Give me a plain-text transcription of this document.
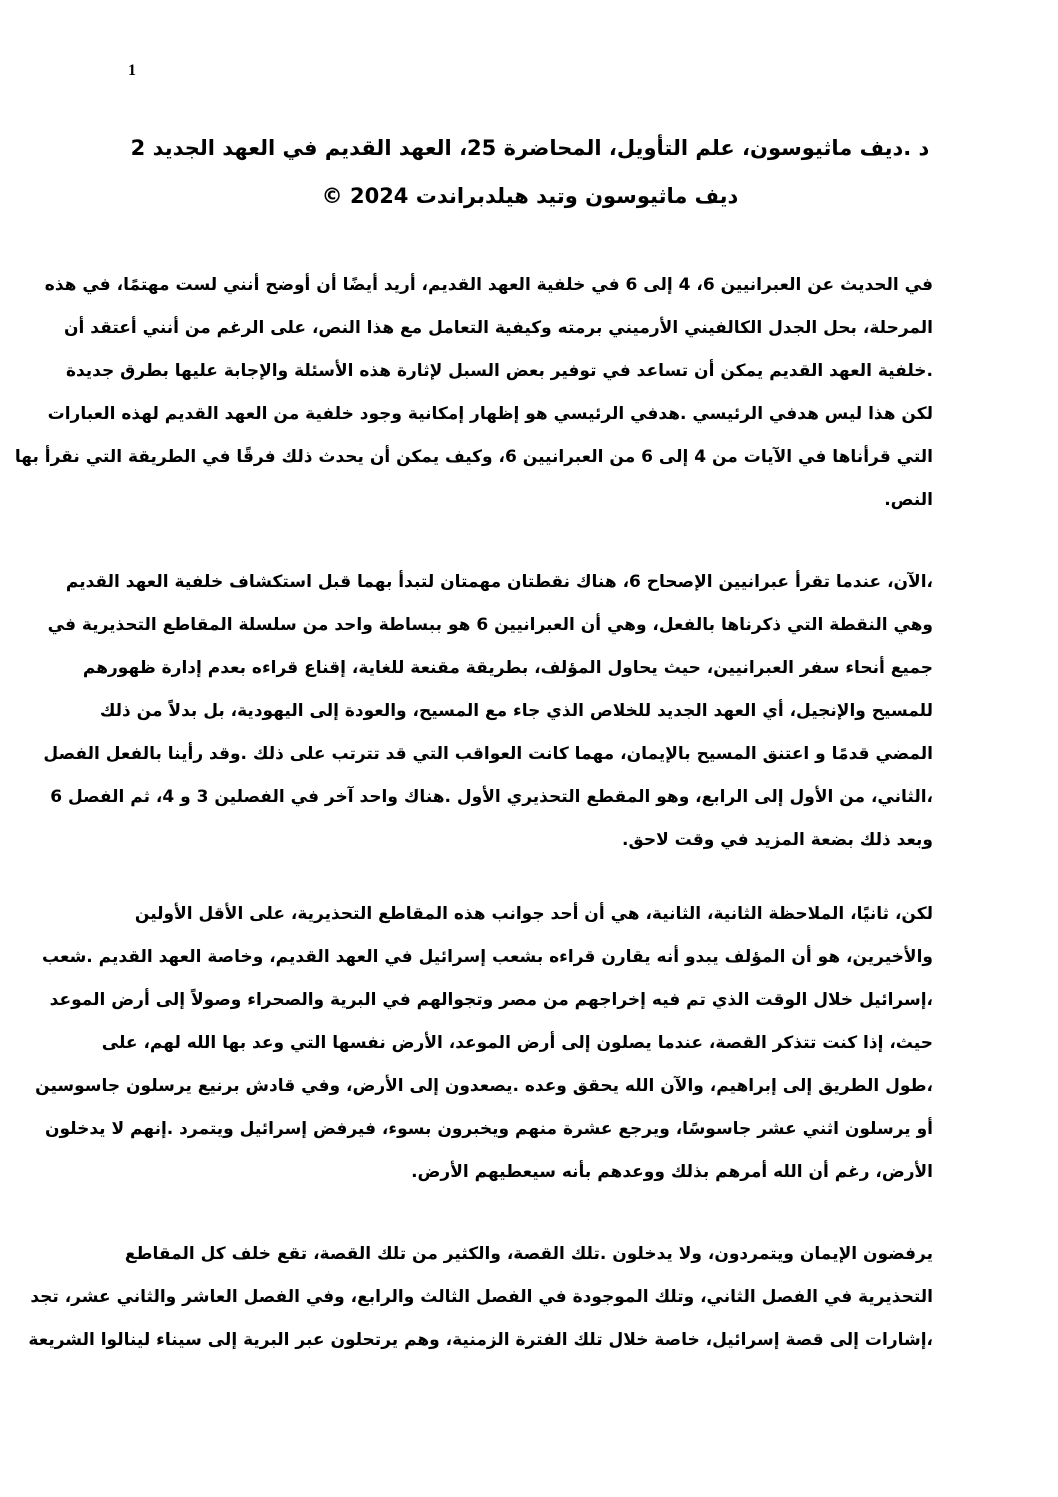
1
د .ديف ماثيوسون، علم التأويل، المحاضرة 25، العهد القديم في العهد الجديد 2
ديف ماثيوسون وتيد هيلدبراندت 2024 ©
في الحديث عن العبرانيين 6، 4 إلى 6 في خلفية العهد القديم، أريد أيضًا أن أوضح أنني لست مهتمًا، في هذه
المرحلة، بحل الجدل الكالفيني الأرميني برمته وكيفية التعامل مع هذا النص، على الرغم من أنني أعتقد أن
.خلفية العهد القديم يمكن أن تساعد في توفير بعض السبل لإثارة هذه الأسئلة والإجابة عليها بطرق جديدة
لكن هذا ليس هدفي الرئيسي .هدفي الرئيسي هو إظهار إمكانية وجود خلفية من العهد القديم لهذه العبارات
التي قرأناها في الآيات من 4 إلى 6 من العبرانيين 6، وكيف يمكن أن يحدث ذلك فرقًا في الطريقة التي نقرأ بها
النص.
،الآن، عندما تقرأ عبرانيين الإصحاح 6، هناك نقطتان مهمتان لتبدأ بهما قبل استكشاف خلفية العهد القديم
وهي النقطة التي ذكرناها بالفعل، وهي أن العبرانيين 6 هو ببساطة واحد من سلسلة المقاطع التحذيرية في
جميع أنحاء سفر العبرانيين، حيث يحاول المؤلف، بطريقة مقنعة للغاية، إقناع قراءه بعدم إدارة ظهورهم
للمسيح والإنجيل، أي العهد الجديد للخلاص الذي جاء مع المسيح، والعودة إلى اليهودية، بل بدلاً من ذلك
المضي قدمًا و اعتنق المسيح بالإيمان، مهما كانت العواقب التي قد تترتب على ذلك .وقد رأينا بالفعل الفصل
،الثاني، من الأول إلى الرابع، وهو المقطع التحذيري الأول .هناك واحد آخر في الفصلين 3 و 4، ثم الفصل 6
وبعد ذلك بضعة المزيد في وقت لاحق.
لكن، ثانيًا، الملاحظة الثانية، الثانية، هي أن أحد جوانب هذه المقاطع التحذيرية، على الأقل الأولين
والأخيرين، هو أن المؤلف يبدو أنه يقارن قراءه بشعب إسرائيل في العهد القديم، وخاصة العهد القديم .شعب
،إسرائيل خلال الوقت الذي تم فيه إخراجهم من مصر وتجوالهم في البرية والصحراء وصولاً إلى أرض الموعد
حيث، إذا كنت تتذكر القصة، عندما يصلون إلى أرض الموعد، الأرض نفسها التي وعد بها الله لهم، على
،طول الطريق إلى إبراهيم، والآن الله يحقق وعده .يصعدون إلى الأرض، وفي قادش برنيع يرسلون جاسوسين
أو يرسلون اثني عشر جاسوسًا، ويرجع عشرة منهم ويخبرون بسوء، فيرفض إسرائيل ويتمرد .إنهم لا يدخلون
الأرض، رغم أن الله أمرهم بذلك ووعدهم بأنه سيعطيهم الأرض.
يرفضون الإيمان ويتمردون، ولا يدخلون .تلك القصة، والكثير من تلك القصة، تقع خلف كل المقاطع
التحذيرية في الفصل الثاني، وتلك الموجودة في الفصل الثالث والرابع، وفي الفصل العاشر والثاني عشر، تجد
،إشارات إلى قصة إسرائيل، خاصة خلال تلك الفترة الزمنية، وهم يرتحلون عبر البرية إلى سيناء لينالوا الشريعة
